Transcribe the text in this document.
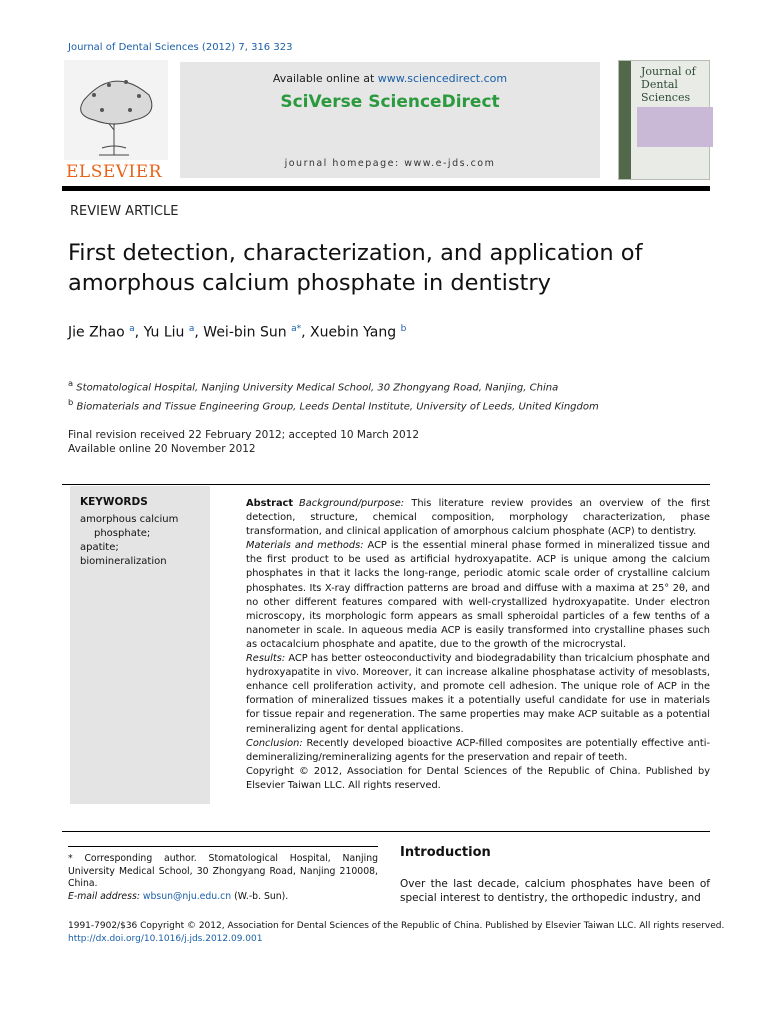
Journal of Dental Sciences (2012) 7, 316 323
ELSEVIER
Available online at www.sciencedirect.com
SciVerse ScienceDirect
journal homepage: www.e-jds.com
Journal of
Dental
Sciences
REVIEW ARTICLE
First detection, characterization, and application of amorphous calcium phosphate in dentistry
Jie Zhao $^a$, Yu Liu $^a$, Wei-bin Sun $^{a*}$, Xuebin Yang $^b$
$^a$ Stomatological Hospital, Nanjing University Medical School, 30 Zhongyang Road, Nanjing, China
$^b$ Biomaterials and Tissue Engineering Group, Leeds Dental Institute, University of Leeds, United Kingdom
Final revision received 22 February 2012; accepted 10 March 2012
Available online 20 November 2012
KEYWORDS
amorphous calcium
phosphate;
apatite;
biomineralization

Abstract Background/purpose: This literature review provides an overview of the first detection, structure, chemical composition, morphology characterization, phase transformation, and clinical application of amorphous calcium phosphate (ACP) to dentistry.

Materials and methods: ACP is the essential mineral phase formed in mineralized tissue and the first product to be used as artificial hydroxyapatite. ACP is unique among the calcium phosphates in that it lacks the long-range, periodic atomic scale order of crystalline calcium phosphates. Its X-ray diffraction patterns are broad and diffuse with a maxima at 25° 2θ, and no other different features compared with well-crystallized hydroxyapatite. Under electron microscopy, its morphologic form appears as small spheroidal particles of a few tenths of a nanometer in scale. In aqueous media ACP is easily transformed into crystalline phases such as octacalcium phosphate and apatite, due to the growth of the microcrystal.

Results: ACP has better osteoconductivity and biodegradability than tricalcium phosphate and hydroxyapatite in vivo. Moreover, it can increase alkaline phosphatase activity of mesoblasts, enhance cell proliferation activity, and promote cell adhesion. The unique role of ACP in the formation of mineralized tissues makes it a potentially useful candidate for use in materials for tissue repair and regeneration. The same properties may make ACP suitable as a potential remineralizing agent for dental applications.

Conclusion: Recently developed bioactive ACP-filled composites are potentially effective anti-demineralizing/remineralizing agents for the preservation and repair of teeth.

Copyright © 2012, Association for Dental Sciences of the Republic of China. Published by Elsevier Taiwan LLC. All rights reserved.

* Corresponding author. Stomatological Hospital, Nanjing University Medical School, 30 Zhongyang Road, Nanjing 210008, China.
E-mail address: wbsun@nju.edu.cn (W.-b. Sun).
Introduction
Over the last decade, calcium phosphates have been of special interest to dentistry, the orthopedic industry, and
1991-7902/$36 Copyright © 2012, Association for Dental Sciences of the Republic of China. Published by Elsevier Taiwan LLC. All rights reserved.
http://dx.doi.org/10.1016/j.jds.2012.09.001
